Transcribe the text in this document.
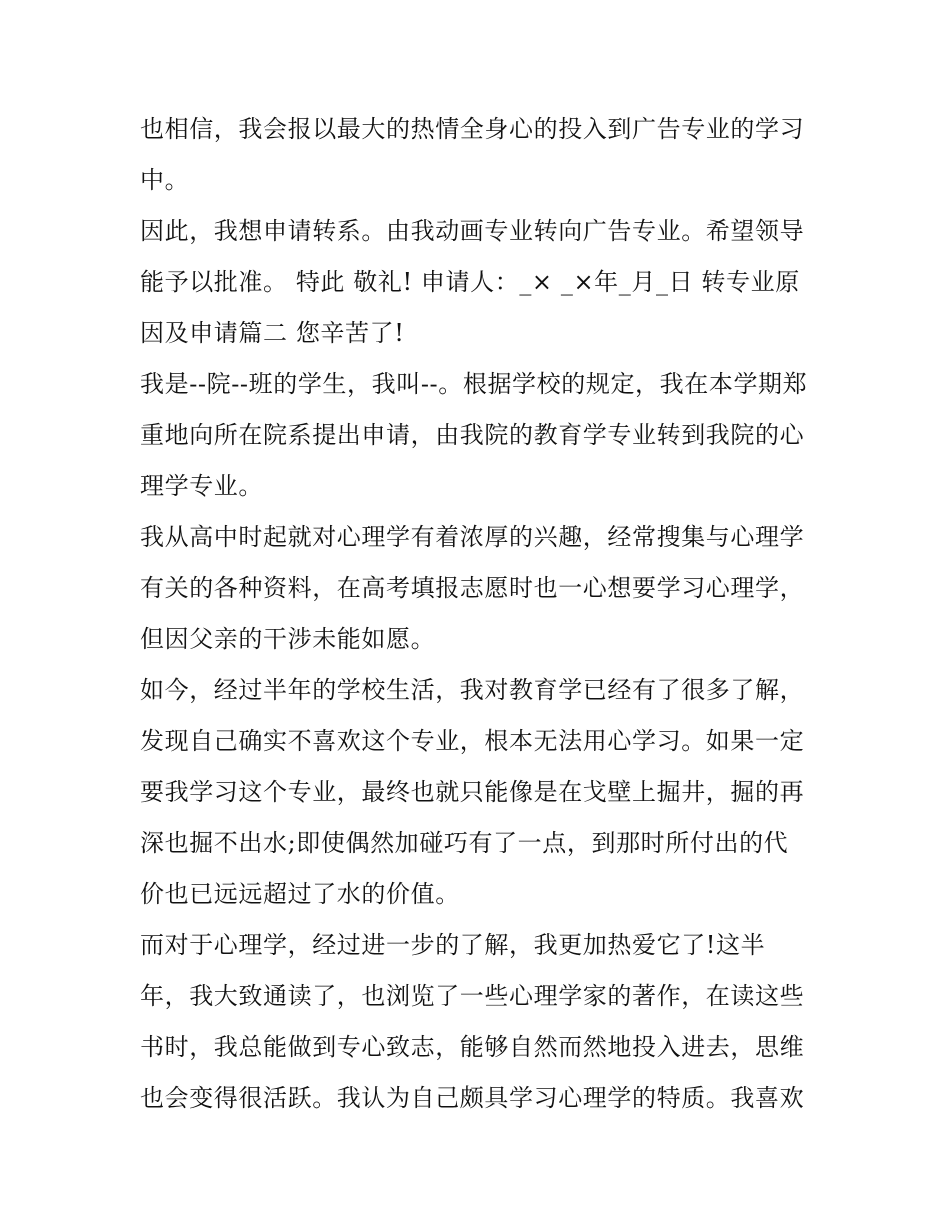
也相信，我会报以最大的热情全身心的投入到广告专业的学习
中。
因此，我想申请转系。由我动画专业转向广告专业。希望领导
能予以批准。 特此 敬礼! 申请人：_× _×年_月_日 转专业原
因及申请篇二 您辛苦了!
我是--院--班的学生，我叫--。根据学校的规定，我在本学期郑
重地向所在院系提出申请，由我院的教育学专业转到我院的心
理学专业。
我从高中时起就对心理学有着浓厚的兴趣，经常搜集与心理学
有关的各种资料，在高考填报志愿时也一心想要学习心理学，
但因父亲的干涉未能如愿。
如今，经过半年的学校生活，我对教育学已经有了很多了解，
发现自己确实不喜欢这个专业，根本无法用心学习。如果一定
要我学习这个专业，最终也就只能像是在戈壁上掘井，掘的再
深也掘不出水;即使偶然加碰巧有了一点，到那时所付出的代
价也已远远超过了水的价值。
而对于心理学，经过进一步的了解，我更加热爱它了!这半
年，我大致通读了，也浏览了一些心理学家的著作，在读这些
书时，我总能做到专心致志，能够自然而然地投入进去，思维
也会变得很活跃。我认为自己颇具学习心理学的特质。我喜欢
